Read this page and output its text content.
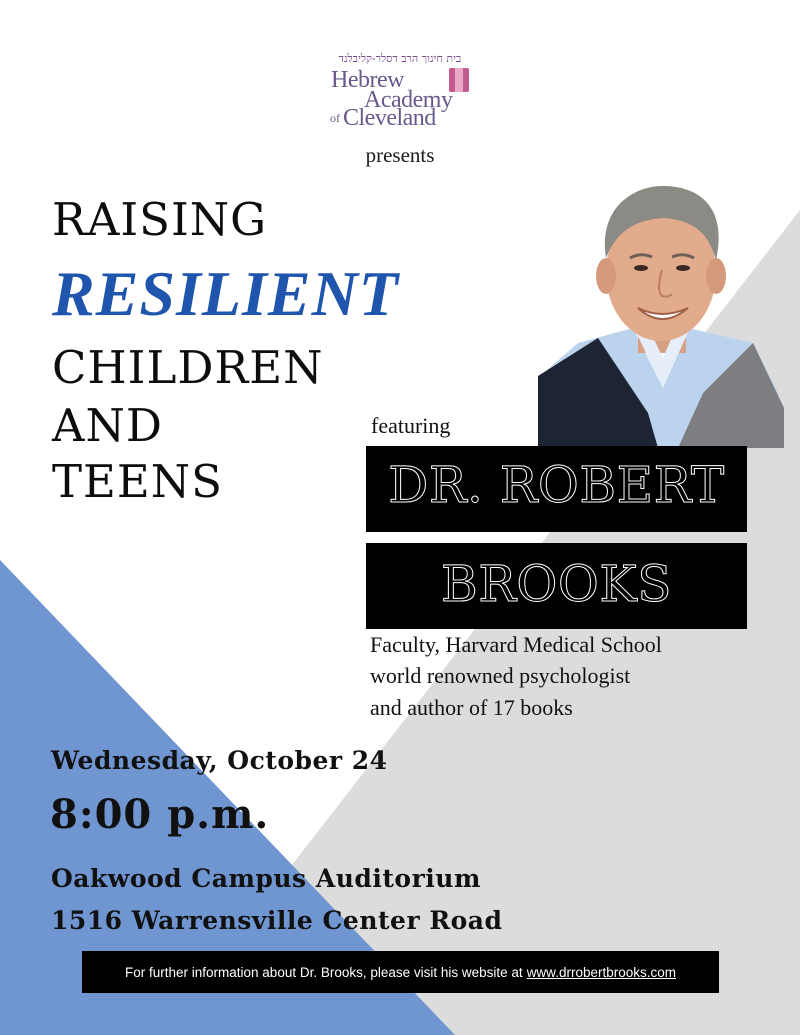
בית חינוך הרב דסלר-קליבלנד
Hebrew
Academy
of Cleveland
presents
RAISING
RESILIENT
CHILDREN
AND
TEENS
featuring
DR. ROBERT
BROOKS
Faculty, Harvard Medical School
world renowned psychologist
and author of 17 books
Wednesday, October 24
8:00 p.m.
Oakwood Campus Auditorium
1516 Warrensville Center Road
For further information about Dr. Brooks, please visit his website at www.drrobertbrooks.com
